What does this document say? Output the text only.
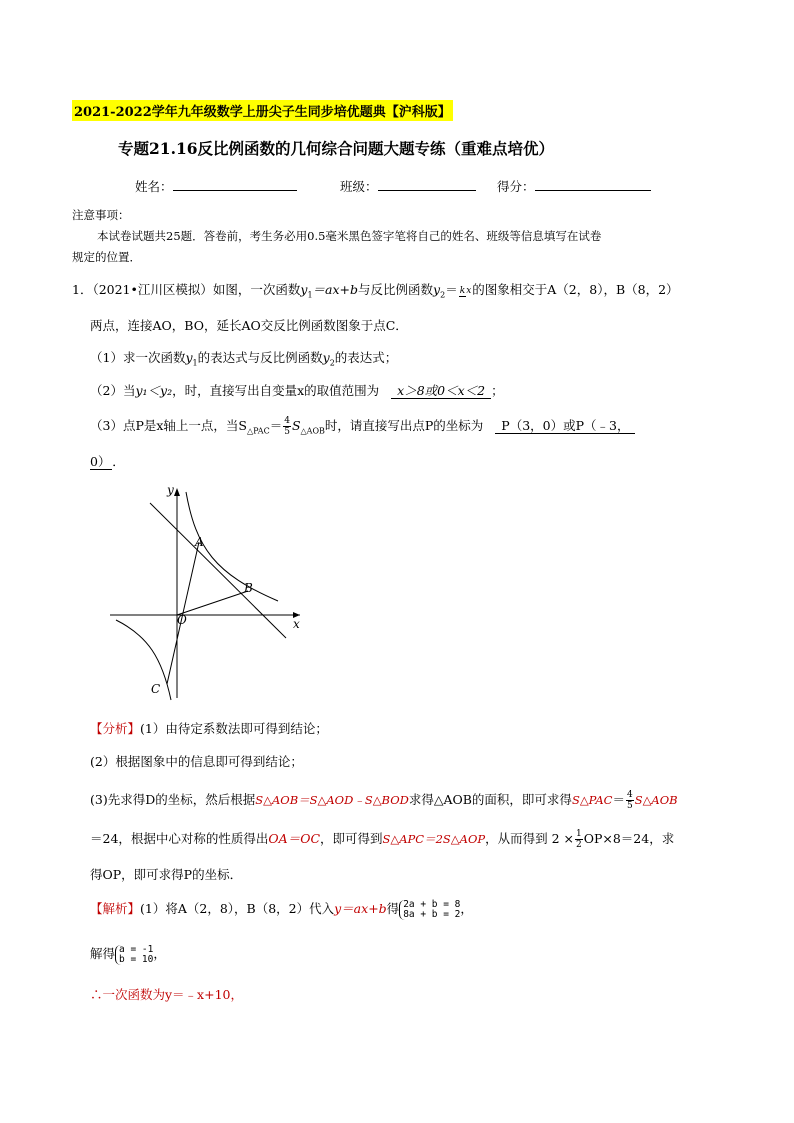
2021-2022学年九年级数学上册尖子生同步培优题典【沪科版】
专题21.16反比例函数的几何综合问题大题专练（重难点培优）
姓名：	班级：	得分：
注意事项：
本试卷试题共25题．答卷前，考生务必用0.5毫米黑色签字笔将自己的姓名、班级等信息填写在试卷
规定的位置．
1．（2021•江川区模拟）如图，一次函数$y_1=ax+b$与反比例函数$y_2=$ kx的图象相交于A（2，8），B（8，2）
两点，连接AO，BO，延长AO交反比例函数图象于点C．
（1）求一次函数$y_1$的表达式与反比例函数$y_2$的表达式；
（2）当y₁＜y₂，时，直接写出自变量x的取值范围为 x＞8或0＜x＜2 ；
（3）点P是x轴上一点，当$S_{\triangle PAC}= \frac{4}{5} S_{\triangle AOB}$时，请直接写出点P的坐标为 P（3，0）或P（﹣3，
0） ．
y
x
O
A
B
C
【分析】(1）由待定系数法即可得到结论；
(2）根据图象中的信息即可得到结论；
(3)先求得D的坐标，然后根据S△AOB＝S△AOD﹣S△BOD求得△AOB的面积，即可求得S△PAC＝ $\frac{4}{5}$ S△AOB
＝24，根据中心对称的性质得出OA＝OC，即可得到S△APC＝2S△AOP，从而得到 $2 \times \frac{1}{2} OP\times 8=24$，求
得OP，即可求得P的坐标．
【解析】(1）将A（2，8），B（8，2）代入y＝ax+b得 2a + b = 8
8a + b = 2 ，
解得 a = -1
b = 10 ，
∴一次函数为y＝﹣x+10，
